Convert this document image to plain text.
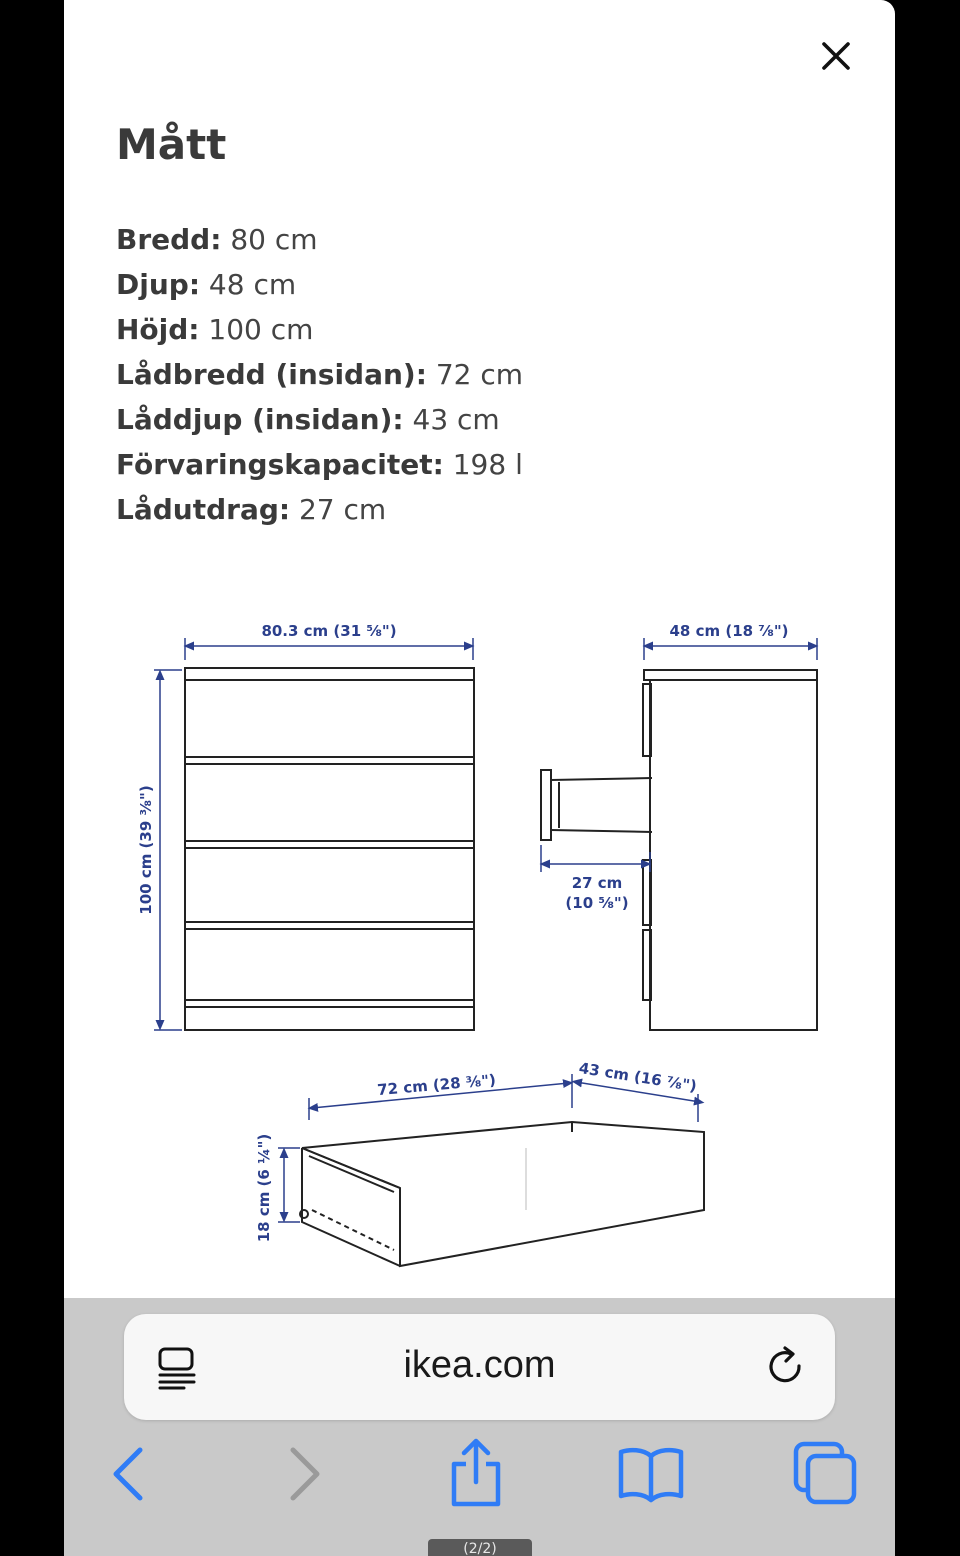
Mått
Bredd: 80 cm
Djup: 48 cm
Höjd: 100 cm
Lådbredd (insidan): 72 cm
Låddjup (insidan): 43 cm
Förvaringskapacitet: 198 l
Lådutdrag: 27 cm
80.3 cm (31 ⅝")
100 cm (39 ⅜")
48 cm (18 ⅞")
27 cm
(10 ⅝")
72 cm (28 ⅜")	43 cm (16 ⅞")
18 cm (6 ¼")
ikea.com
(2/2)
